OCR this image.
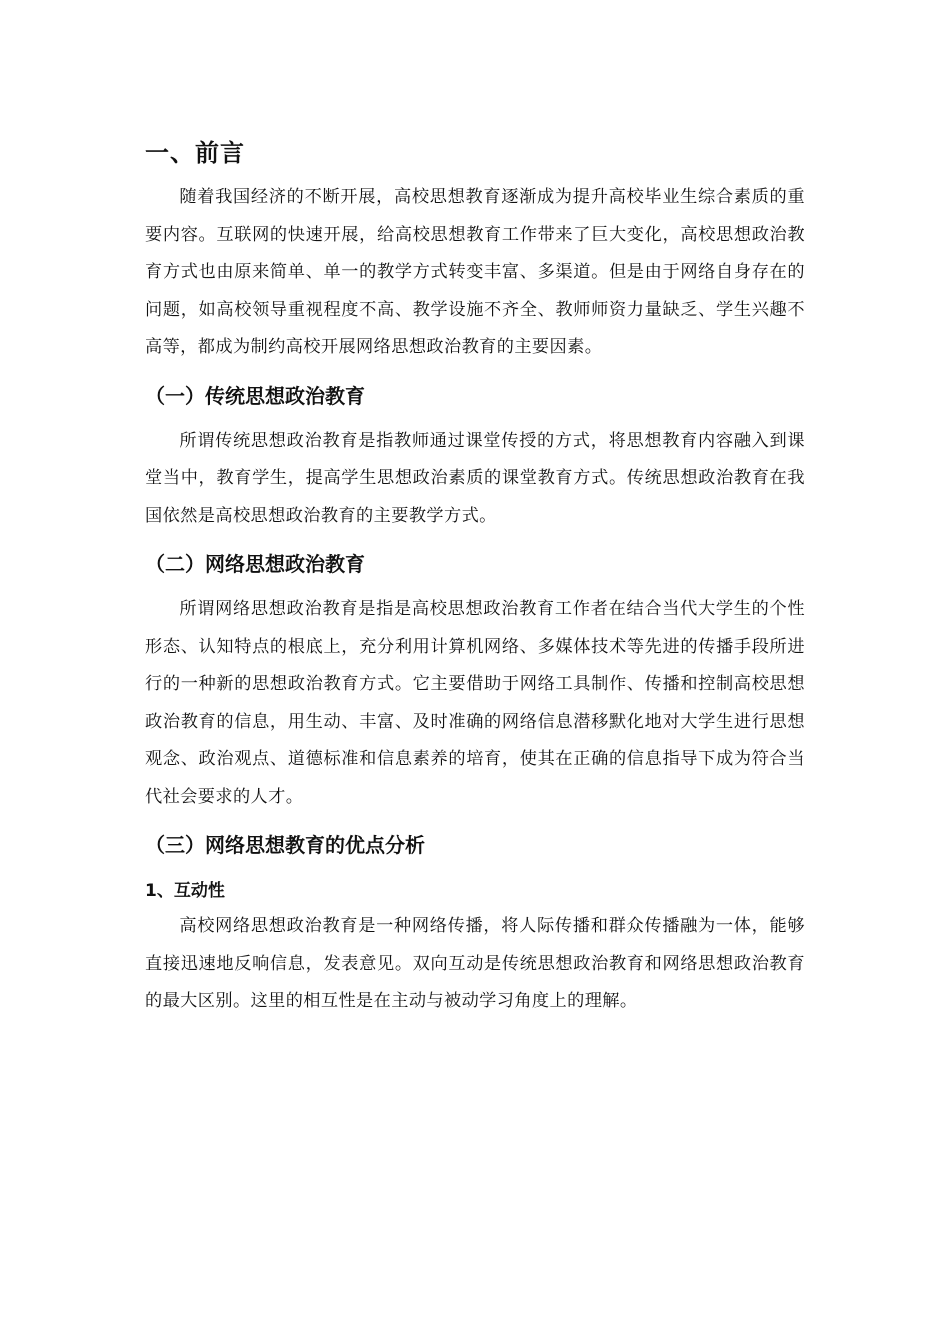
一、前言

随着我国经济的不断开展，高校思想教育逐渐成为提升高校毕业生综合素质的重要内容。互联网的快速开展，给高校思想教育工作带来了巨大变化，高校思想政治教育方式也由原来简单、单一的教学方式转变丰富、多渠道。但是由于网络自身存在的问题，如高校领导重视程度不高、教学设施不齐全、教师师资力量缺乏、学生兴趣不高等，都成为制约高校开展网络思想政治教育的主要因素。

（一）传统思想政治教育

所谓传统思想政治教育是指教师通过课堂传授的方式，将思想教育内容融入到课堂当中，教育学生，提高学生思想政治素质的课堂教育方式。传统思想政治教育在我国依然是高校思想政治教育的主要教学方式。

（二）网络思想政治教育

所谓网络思想政治教育是指是高校思想政治教育工作者在结合当代大学生的个性形态、认知特点的根底上，充分利用计算机网络、多媒体技术等先进的传播手段所进行的一种新的思想政治教育方式。它主要借助于网络工具制作、传播和控制高校思想政治教育的信息，用生动、丰富、及时准确的网络信息潜移默化地对大学生进行思想观念、政治观点、道德标准和信息素养的培育，使其在正确的信息指导下成为符合当代社会要求的人才。

（三）网络思想教育的优点分析
1、互动性

高校网络思想政治教育是一种网络传播，将人际传播和群众传播融为一体，能够直接迅速地反响信息，发表意见。双向互动是传统思想政治教育和网络思想政治教育的最大区别。这里的相互性是在主动与被动学习角度上的理解。
